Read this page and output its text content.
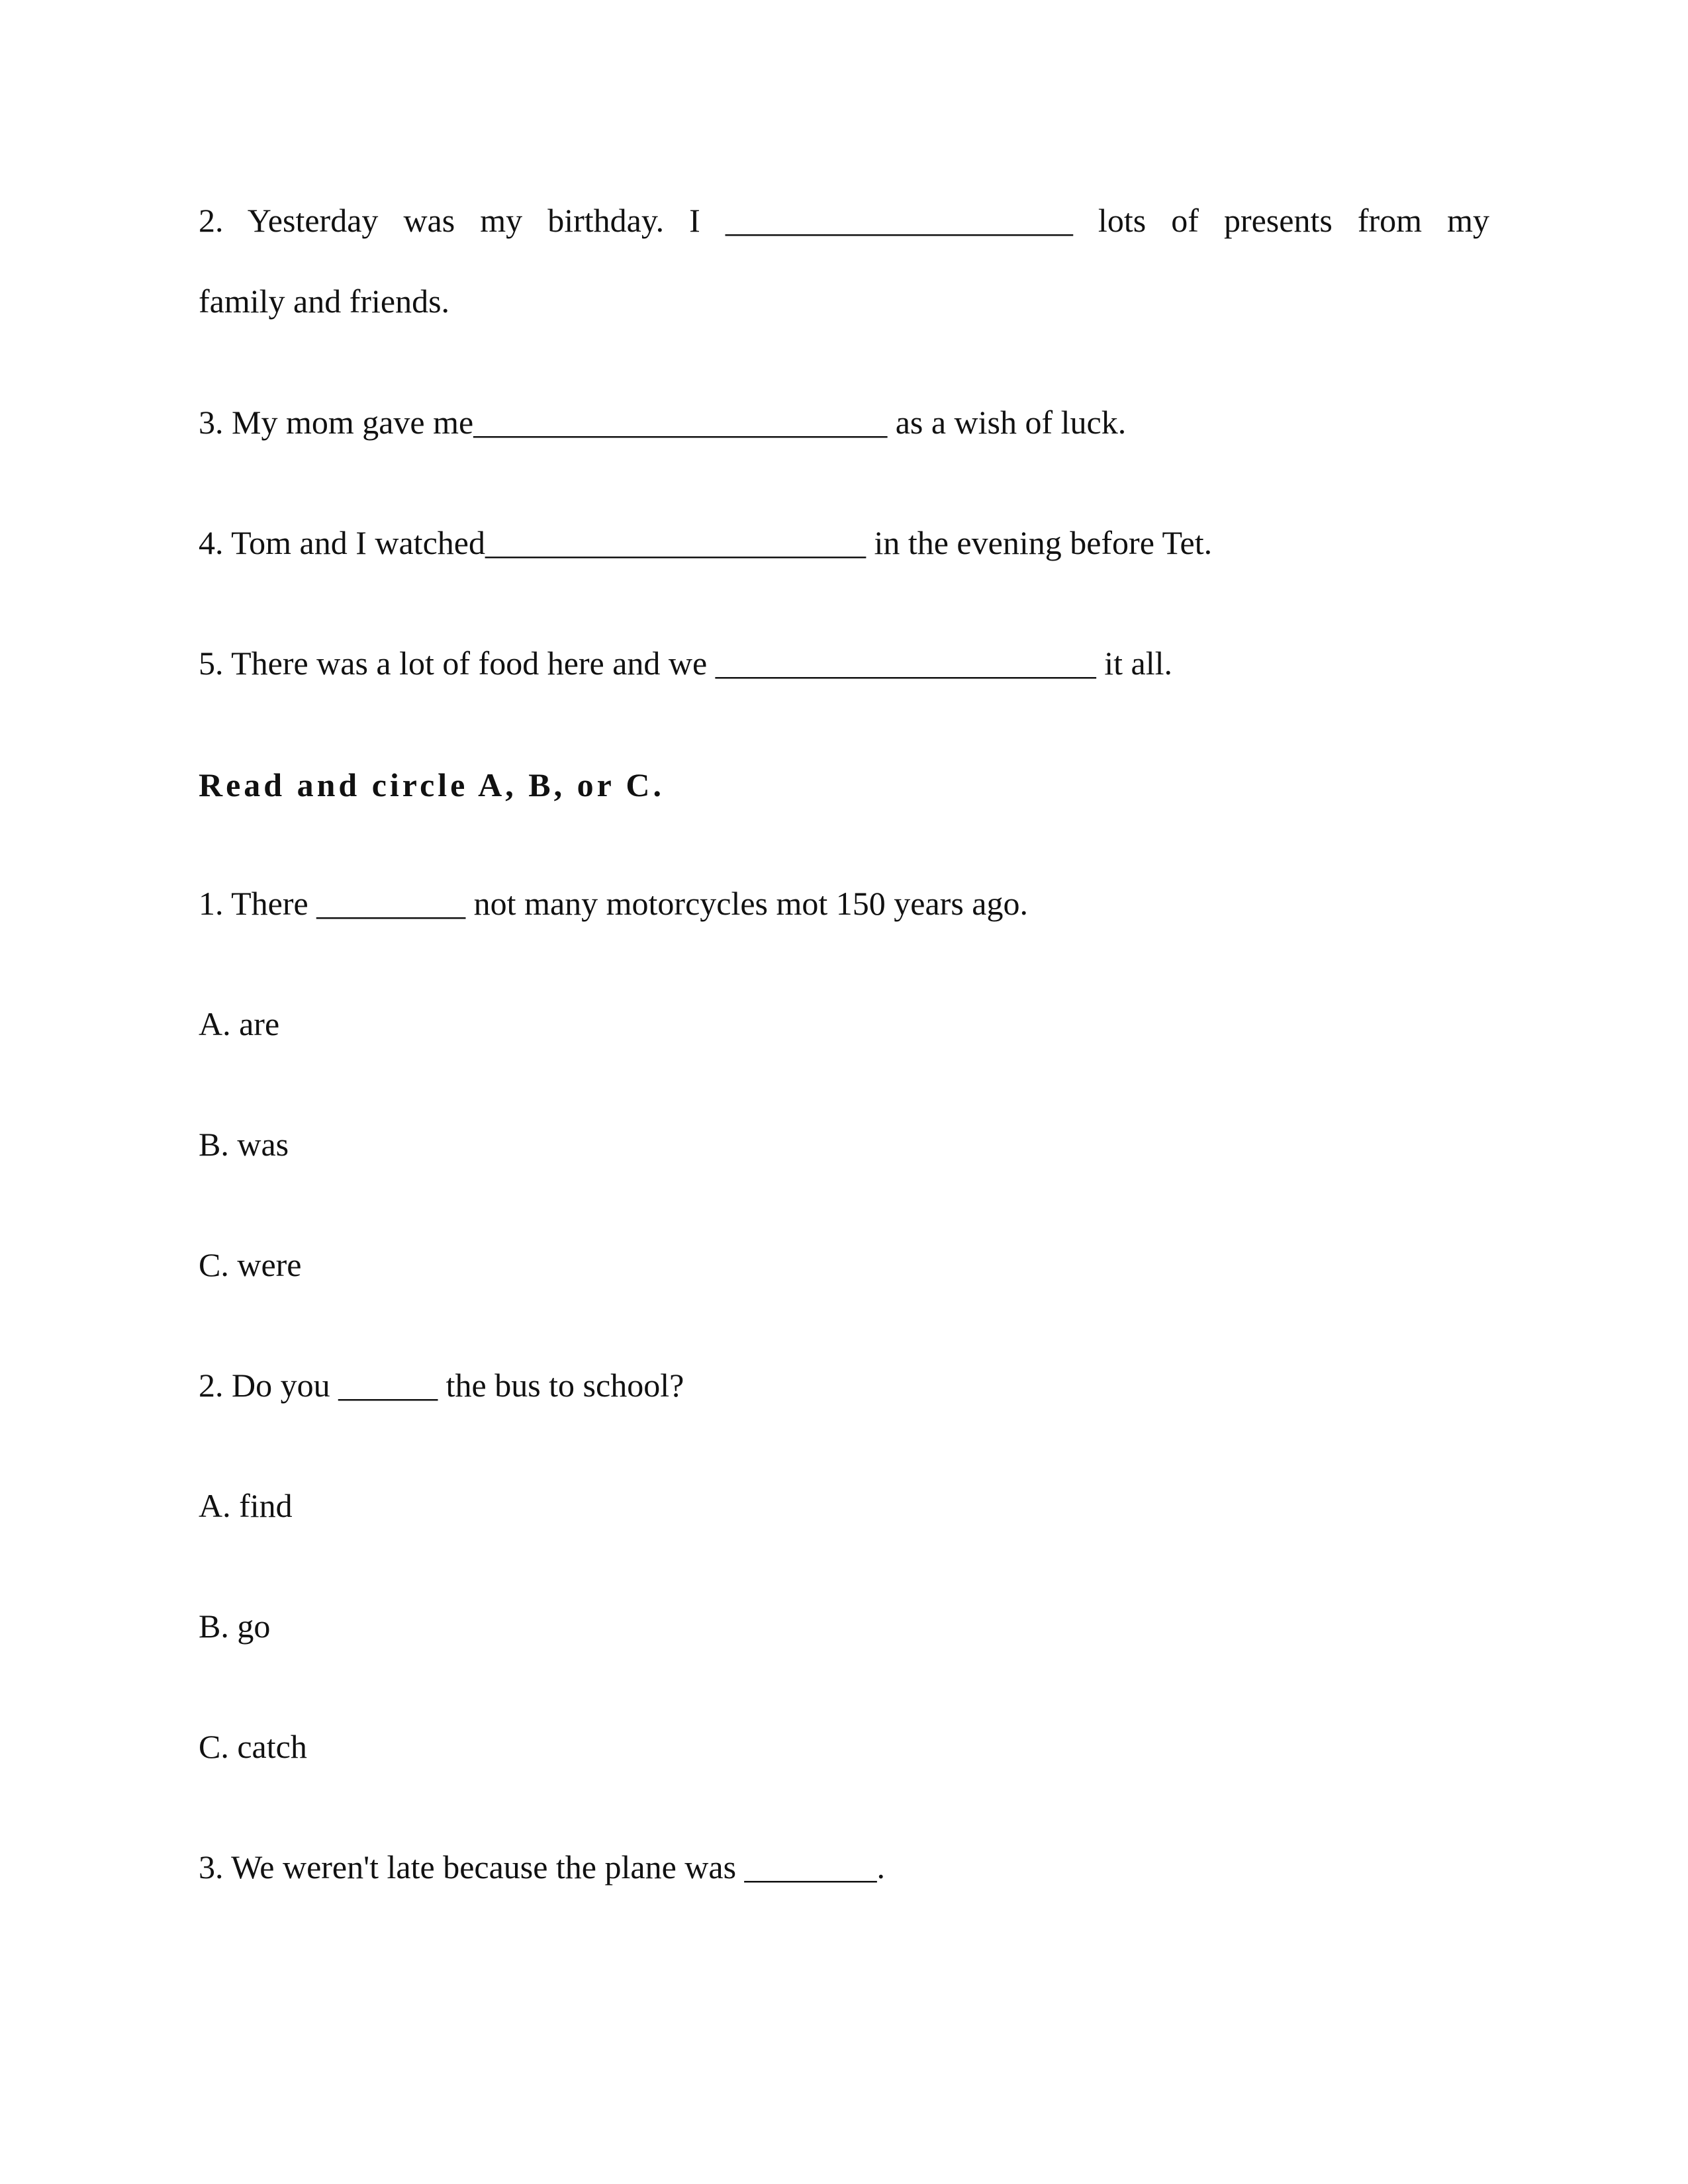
2. Yesterday was my birthday. I _____________________ lots of presents from my
family and friends.
3. My mom gave me_________________________ as a wish of luck.
4. Tom and I watched_______________________ in the evening before Tet.
5. There was a lot of food here and we _______________________ it all.
Read and circle A, B, or C.
1. There _________ not many motorcycles mot 150 years ago.
A. are
B. was
C. were
2. Do you ______ the bus to school?
A. find
B. go
C. catch
3. We weren't late because the plane was ________.
